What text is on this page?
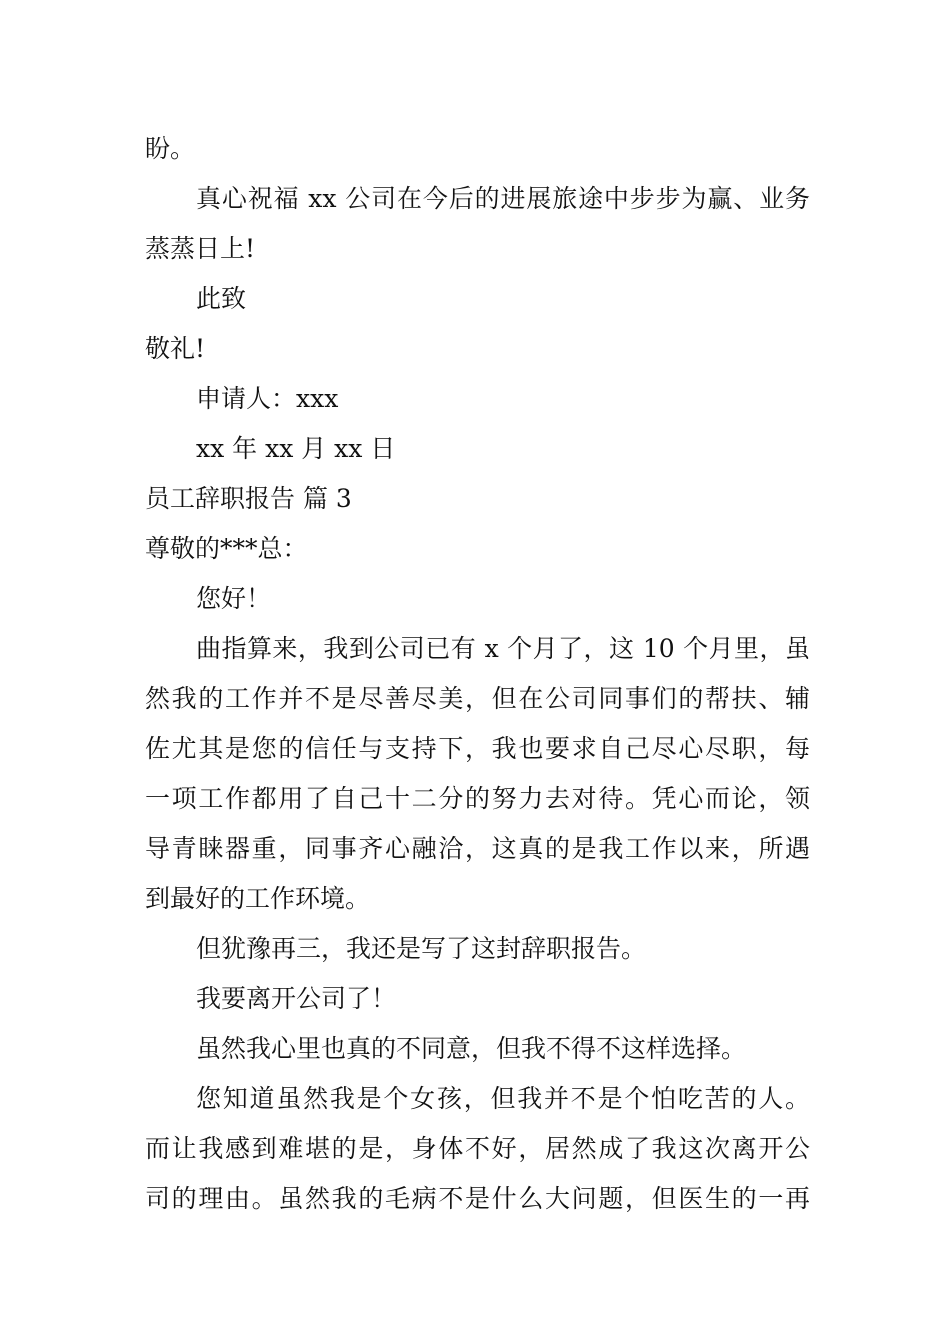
盼。
真心祝福 xx 公司在今后的进展旅途中步步为赢、业务
蒸蒸日上!
此致
敬礼!
申请人：xxx
xx 年 xx 月 xx 日
员工辞职报告 篇 3
尊敬的***总：
您好！
曲指算来，我到公司已有 x 个月了，这 10 个月里，虽
然我的工作并不是尽善尽美，但在公司同事们的帮扶、辅
佐尤其是您的信任与支持下，我也要求自己尽心尽职，每
一项工作都用了自己十二分的努力去对待。凭心而论，领
导青睐器重，同事齐心融洽，这真的是我工作以来，所遇
到最好的工作环境。
但犹豫再三，我还是写了这封辞职报告。
我要离开公司了！
虽然我心里也真的不同意，但我不得不这样选择。
您知道虽然我是个女孩，但我并不是个怕吃苦的人。
而让我感到难堪的是，身体不好，居然成了我这次离开公
司的理由。虽然我的毛病不是什么大问题，但医生的一再
